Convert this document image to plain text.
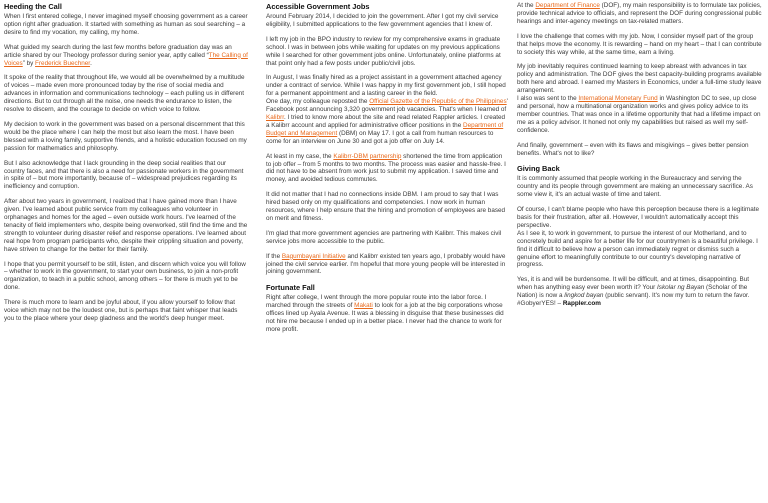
Heeding the Call

When I first entered college, I never imagined myself choosing government as a career option right after graduation. It started with something as human as soul searching – a desire to find my vocation, my calling, my home.

What guided my search during the last few months before graduation day was an article shared by our Theology professor during senior year, aptly called “The Calling of Voices” by Frederick Buechner.

It spoke of the reality that throughout life, we would all be overwhelmed by a multitude of voices – made even more pronounced today by the rise of social media and advances in information and communications technology – each pulling us in different directions. But to cut through all the noise, one needs the endurance to listen, the resolve to discern, and the courage to decide on which voice to follow.

My decision to work in the government was based on a personal discernment that this would be the place where I can help the most but also learn the most. I have been blessed with a loving family, supportive friends, and a holistic education focused on my passion for mathematics and philosophy.

But I also acknowledge that I lack grounding in the deep social realities that our country faces, and that there is also a need for passionate workers in the government in spite of – but more importantly, because of – widespread prejudices regarding its inefficiency and corruption.

After about two years in government, I realized that I have gained more than I have given. I've learned about public service from my colleagues who volunteer in orphanages and homes for the aged – even outside work hours. I've learned of the tenacity of field implementers who, despite being overworked, still find the time and the strength to volunteer during disaster relief and response operations. I've learned about real hope from program participants who, despite their crippling situation and poverty, have striven to change for the better for their family.

I hope that you permit yourself to be still, listen, and discern which voice you will follow – whether to work in the government, to start your own business, to join a non-profit organization, to teach in a public school, among others – for there is much yet to be done.

There is much more to learn and be joyful about, if you allow yourself to follow that voice which may not be the loudest one, but is perhaps that faint whisper that leads you to the place where your deep gladness and the world's deep hunger meet.

Accessible Government Jobs

Around February 2014, I decided to join the government. After I got my civil service eligibility, I submitted applications to the few government agencies that I knew of.

I left my job in the BPO industry to review for my comprehensive exams in graduate school. I was in between jobs while waiting for updates on my previous applications while I searched for other government jobs online. Unfortunately, online platforms at that point only had a few posts under public/civil jobs.

In August, I was finally hired as a project assistant in a government attached agency under a contract of service. While I was happy in my first government job, I still hoped for a permanent appointment and a lasting career in the field.

One day, my colleague reposted the Official Gazette of the Republic of the Philippines' Facebook post announcing 3,320 government job vacancies. That's when I learned of Kalibrr. I tried to know more about the site and read related Rappler articles. I created a Kalibrr account and applied for administrative officer positions in the Department of Budget and Management (DBM) on May 17. I got a call from human resources to come for an interview on June 30 and got a job offer on July 14.

At least in my case, the Kalibrr-DBM partnership shortened the time from application to job offer – from 5 months to two months. The process was easier and hassle-free. I did not have to be absent from work just to submit my application. I saved time and money, and avoided tedious commutes.

It did not matter that I had no connections inside DBM. I am proud to say that I was hired based only on my qualifications and competencies. I now work in human resources, where I help ensure that the hiring and promotion of employees are based on merit and fitness.

I'm glad that more government agencies are partnering with Kalibrr. This makes civil service jobs more accessible to the public.

If the Bagumbayani Initiative and Kalibrr existed ten years ago, I probably would have joined the civil service earlier. I'm hopeful that more young people will be interested in joining government.

Fortunate Fall

Right after college, I went through the more popular route into the labor force. I marched through the streets of Makati to look for a job at the big corporations whose offices lined up Ayala Avenue. It was a blessing in disguise that these businesses did not hire me because I ended up in a better place. I never had the chance to work for more profit.

At the Department of Finance (DOF), my main responsibility is to formulate tax policies, provide technical advice to officials, and represent the DOF during congressional public hearings and inter-agency meetings on tax-related matters.

I love the challenge that comes with my job. Now, I consider myself part of the group that helps move the economy. It is rewarding – hand on my heart – that I can contribute to society this way while, at the same time, earn a living.

My job inevitably requires continued learning to keep abreast with advances in tax policy and administration. The DOF gives the best capacity-building programs available both here and abroad. I earned my Masters in Economics, under a full-time study leave arrangement.

I also was sent to the International Monetary Fund in Washington DC to see, up close and personal, how a multinational organization works and gives policy advice to its member countries. That was once in a lifetime opportunity that had a lifetime impact on me as a policy advisor. It honed not only my capabilities but raised as well my self-confidence.

And finally, government – even with its flaws and misgivings – gives better pension benefits. What's not to like?

Giving Back

It is commonly assumed that people working in the Bureaucracy and serving the country and its people through government are making an unnecessary sacrifice. As some view it, it's an actual waste of time and talent.

Of course, I can't blame people who have this perception because there is a legitimate basis for their frustration, after all. However, I wouldn't automatically accept this perspective.

As I see it, to work in government, to pursue the interest of our Motherland, and to concretely build and aspire for a better life for our countrymen is a beautiful privilege. I find it difficult to believe how a person can immediately regret or dismiss such a genuine effort to meaningfully contribute to our country's developing narrative of progress.

Yes, it is and will be burdensome. It will be difficult, and at times, disappointing. But when has anything easy ever been worth it? Your Iskolar ng Bayan (Scholar of the Nation) is now a lingkod bayan (public servant). It's now my turn to return the favor.
#GobyerYES! – Rappler.com
